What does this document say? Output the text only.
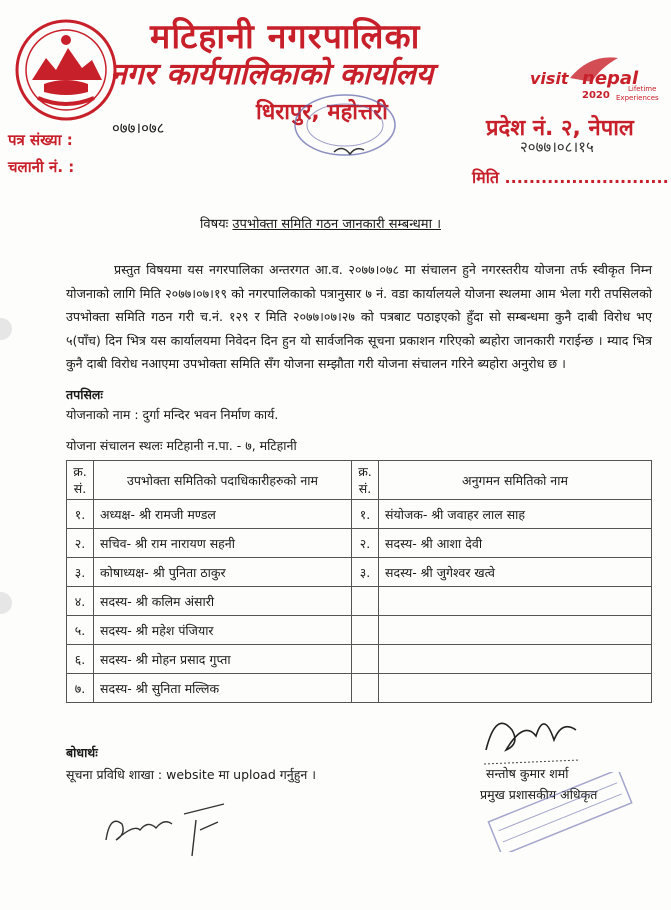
मटिहानी नगरपालिका
नगर कार्यपालिकाको कार्यालय
धिरापुर, महोत्तरी
visit nepal
2020
Lifetime
Experiences
०७७।०७८
पत्र संख्या :
चलानी नं. :
प्रदेश नं. २, नेपाल
२०७७।०८।१५
मिति ...........................
विषयः उपभोक्ता समिति गठन जानकारी सम्बन्धमा ।
प्रस्तुत विषयमा यस नगरपालिका अन्तरगत आ.व. २०७७।०७८ मा संचालन हुने नगरस्तरीय योजना तर्फ स्वीकृत निम्न योजनाको लागि मिति २०७७।०७।१९ को नगरपालिकाको पत्रानुसार ७ नं. वडा कार्यालयले योजना स्थलमा आम भेला गरी तपसिलको उपभोक्ता समिति गठन गरी च.नं. १२९ र मिति २०७७।०७।२७ को पत्रबाट पठाइएको हुँदा सो सम्बन्धमा कुनै दाबी विरोध भए ५(पाँच) दिन भित्र यस कार्यालयमा निवेदन दिन हुन यो सार्वजनिक सूचना प्रकाशन गरिएको ब्यहोरा जानकारी गराईन्छ । म्याद भित्र कुनै दाबी विरोध नआएमा उपभोक्ता समिति सँग योजना सम्झौता गरी योजना संचालन गरिने ब्यहोरा अनुरोध छ ।
तपसिलः
योजनाको नाम : दुर्गा मन्दिर भवन निर्माण कार्य.
योजना संचालन स्थलः मटिहानी न.पा. - ७, मटिहानी
क्र. सं.	उपभोक्ता समितिको पदाधिकारीहरुको नाम	क्र. सं.	अनुगमन समितिको नाम
१.	अध्यक्ष- श्री रामजी मण्डल	१.	संयोजक- श्री जवाहर लाल साह
२.	सचिव- श्री राम नारायण सहनी	२.	सदस्य- श्री आशा देवी
३.	कोषाध्यक्ष- श्री पुनिता ठाकुर	३.	सदस्य- श्री जुगेश्वर खत्वे
४.	सदस्य- श्री कलिम अंसारी		
५.	सदस्य- श्री महेश पंजियार		
६.	सदस्य- श्री मोहन प्रसाद गुप्ता		
७.	सदस्य- श्री सुनिता मल्लिक		
बोधार्थः
सूचना प्रविधि शाखा : website मा upload गर्नुहुन ।	सन्तोष कुमार शर्मा
प्रमुख प्रशासकीय अधिकृत
